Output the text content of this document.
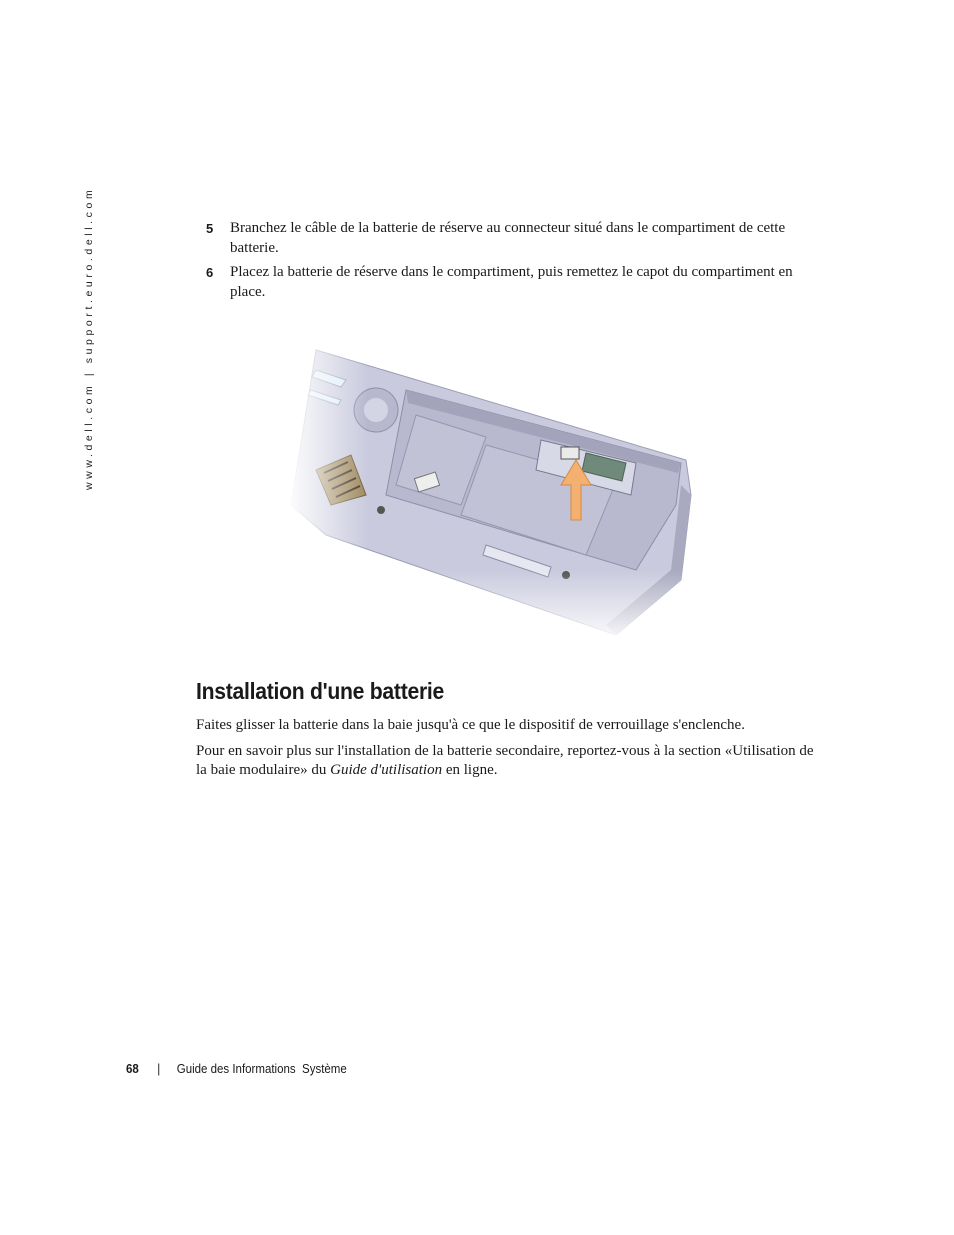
www.dell.com | support.euro.dell.com	5 Branchez le câble de la batterie de réserve au connecteur situé dans le compartiment de cette batterie.
6 Placez la batterie de réserve dans le compartiment, puis remettez le capot du compartiment en place.
Installation d'une batterie

Faites glisser la batterie dans la baie jusqu'à ce que le dispositif de verrouillage s'enclenche.

Pour en savoir plus sur l'installation de la batterie secondaire, reportez-vous à la section «Utilisation de la baie modulaire» du Guide d'utilisation en ligne.

68 | Guide des Informations  Système
